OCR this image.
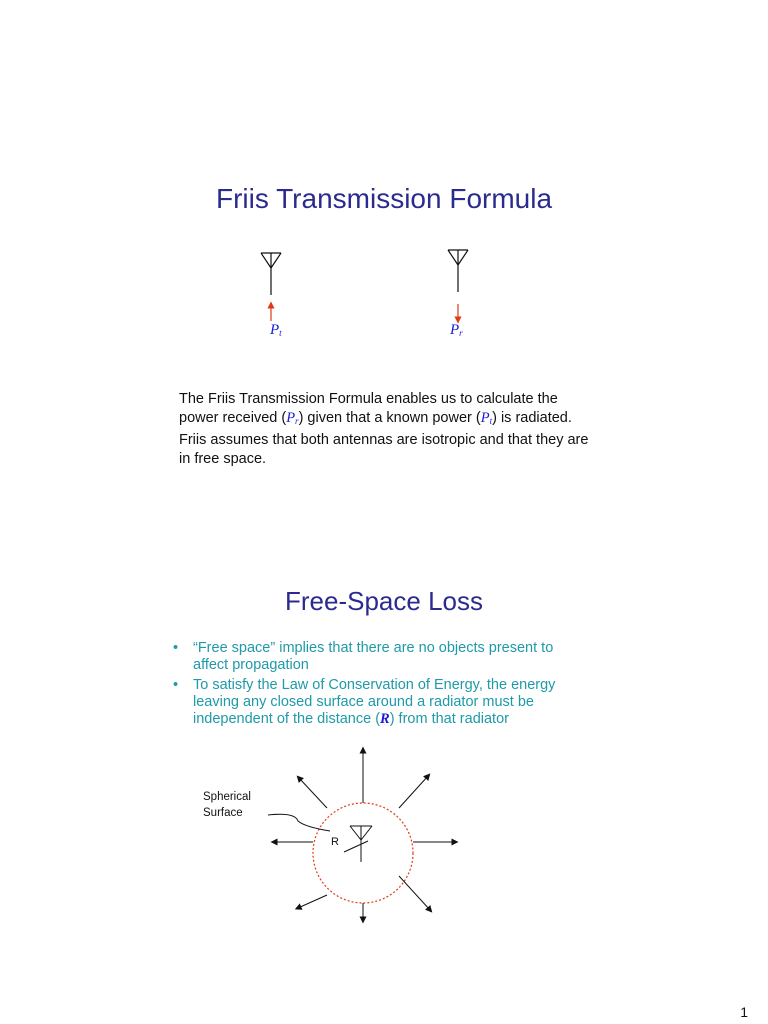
Friis Transmission Formula
$P_t$	$P_r$
The Friis Transmission Formula enables us to calculate the power received $(P_r)$ given that a known power $(P_t)$ is radiated. Friis assumes that both antennas are isotropic and that they are in free space.
Free-Space Loss
• “Free space” implies that there are no objects present to affect propagation
• To satisfy the Law of Conservation of Energy, the energy leaving any closed surface around a radiator must be independent of the distance (R) from that radiator
Spherical
Surface
R
1
